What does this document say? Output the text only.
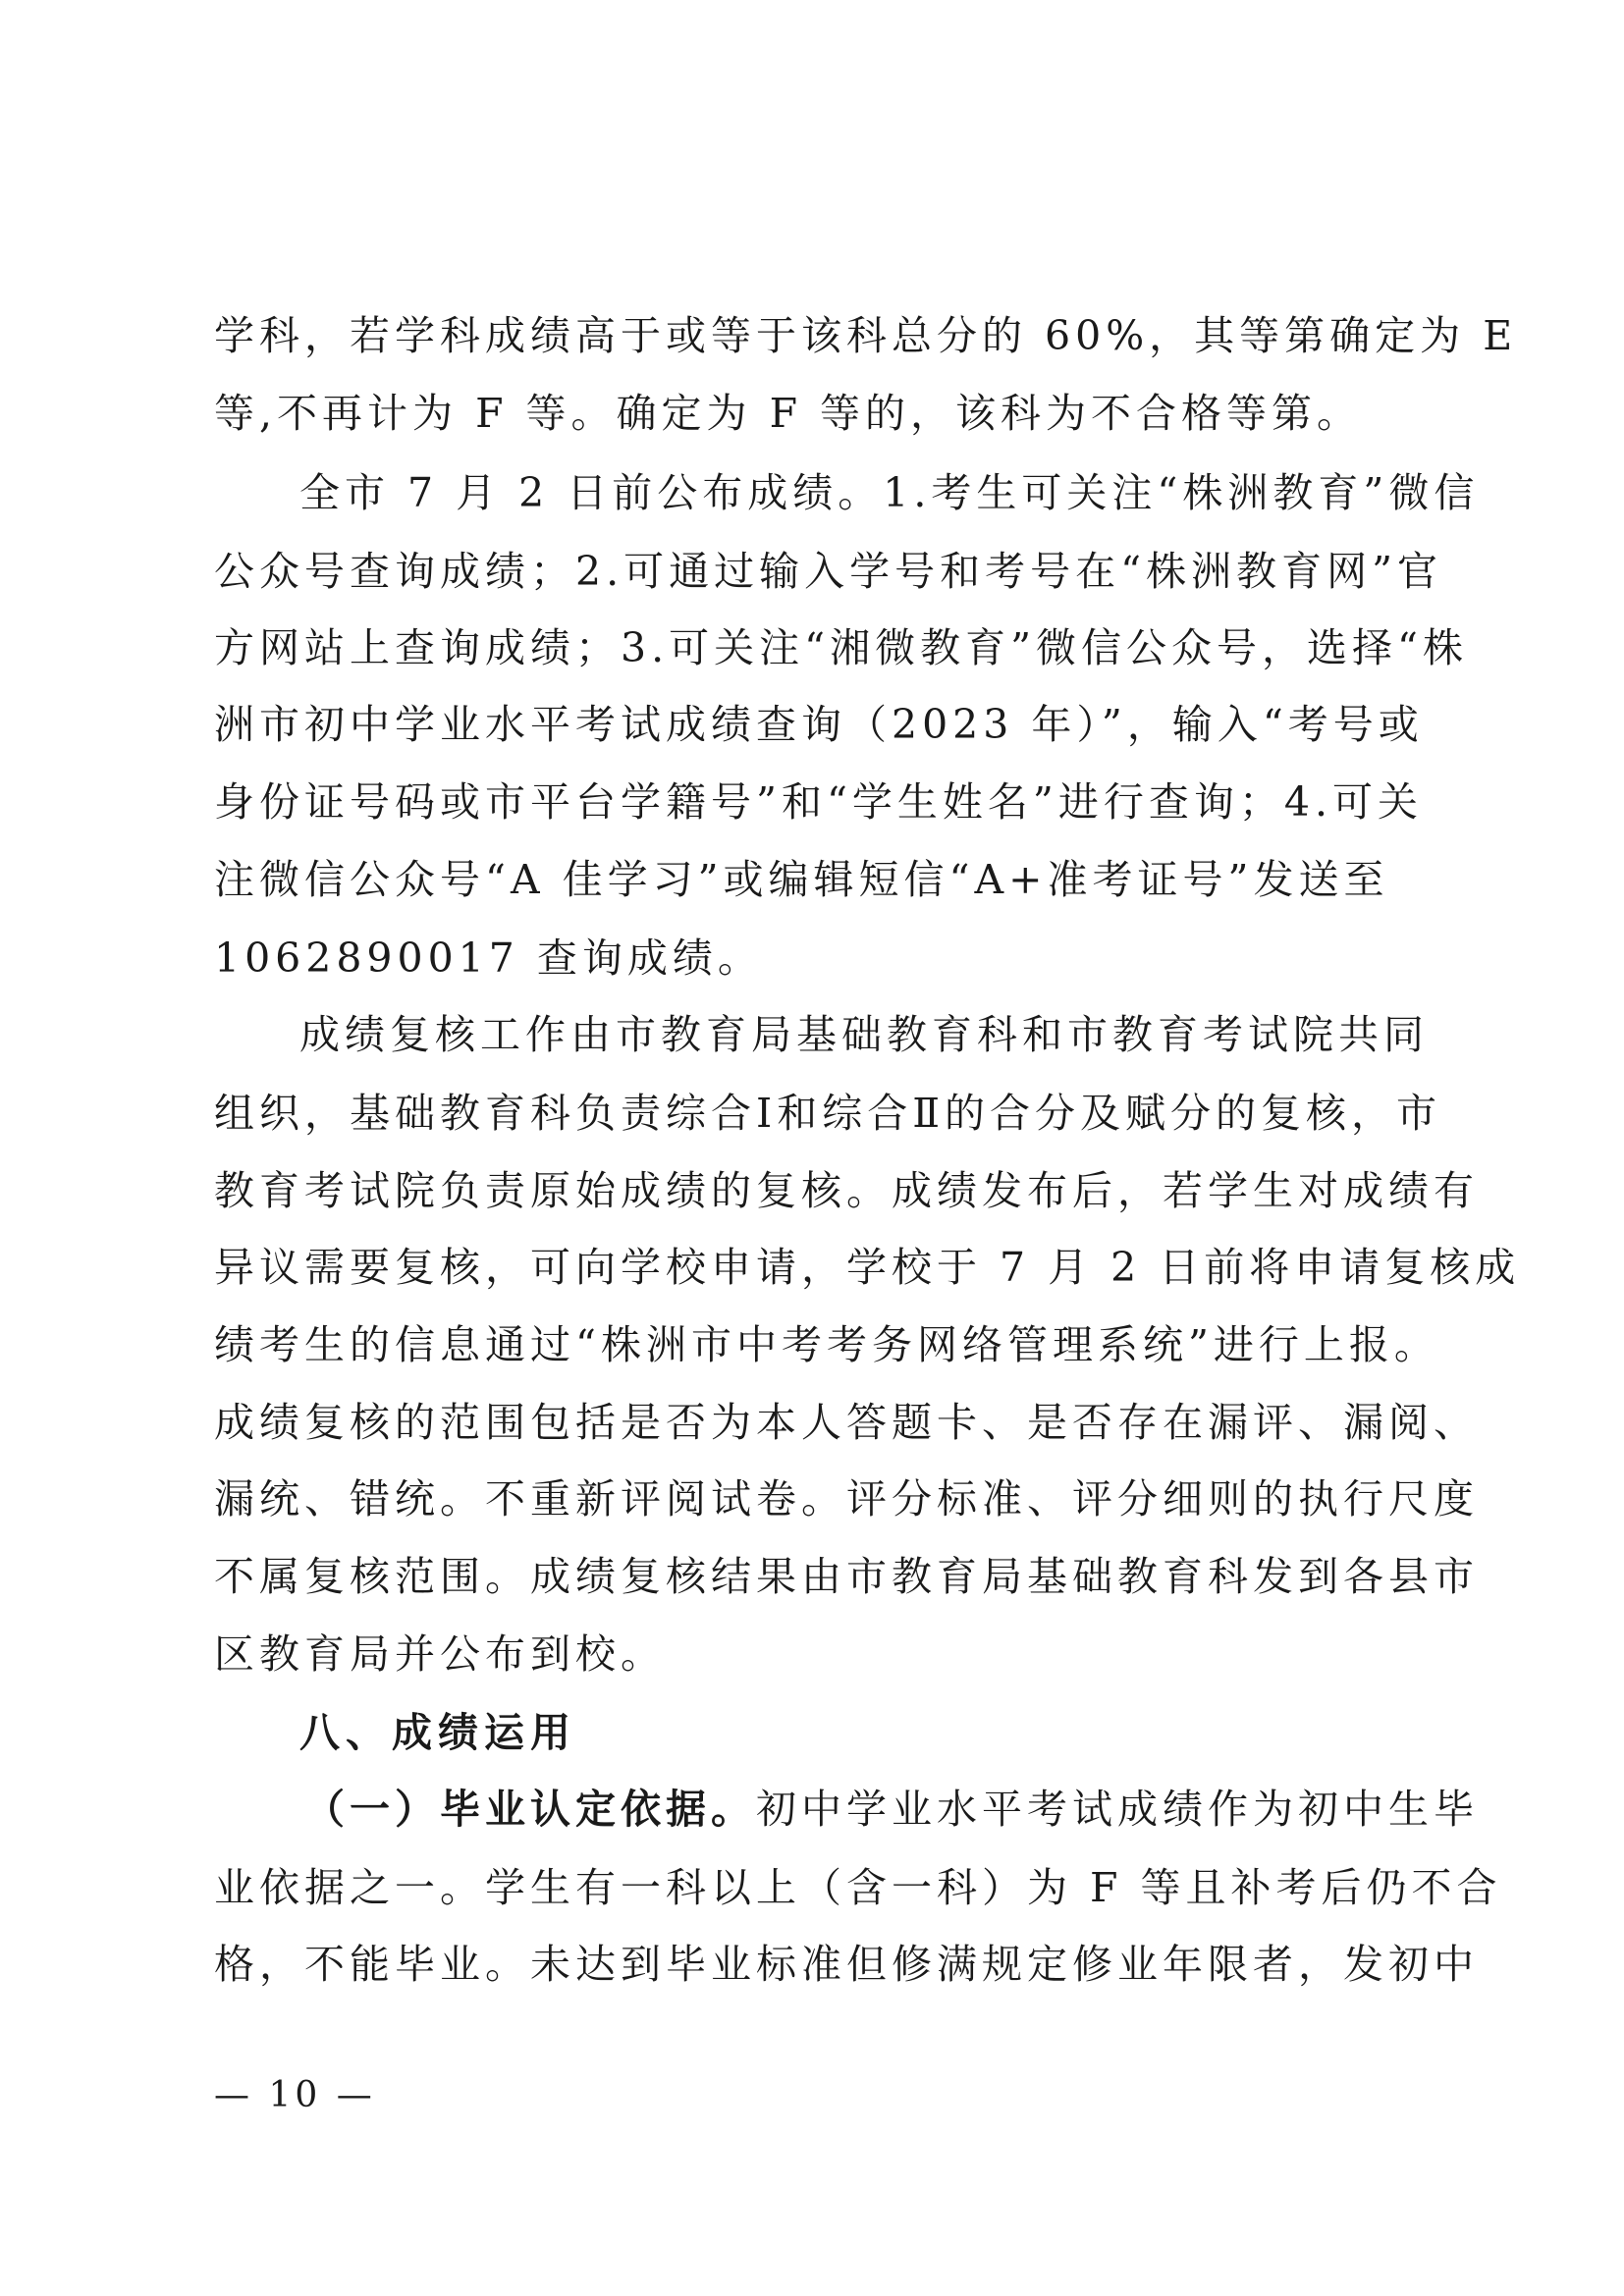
学科，若学科成绩高于或等于该科总分的 60%，其等第确定为 E
等,不再计为 F 等。确定为 F 等的，该科为不合格等第。
全市 7 月 2 日前公布成绩。1.考生可关注“株洲教育”微信
公众号查询成绩；2.可通过输入学号和考号在“株洲教育网”官
方网站上查询成绩；3.可关注“湘微教育”微信公众号，选择“株
洲市初中学业水平考试成绩查询（2023 年）”，输入“考号或
身份证号码或市平台学籍号”和“学生姓名”进行查询；4.可关
注微信公众号“A 佳学习”或编辑短信“A+准考证号”发送至
1062890017 查询成绩。
成绩复核工作由市教育局基础教育科和市教育考试院共同
组织，基础教育科负责综合Ⅰ和综合Ⅱ的合分及赋分的复核，市
教育考试院负责原始成绩的复核。成绩发布后，若学生对成绩有
异议需要复核，可向学校申请，学校于 7 月 2 日前将申请复核成
绩考生的信息通过“株洲市中考考务网络管理系统”进行上报。
成绩复核的范围包括是否为本人答题卡、是否存在漏评、漏阅、
漏统、错统。不重新评阅试卷。评分标准、评分细则的执行尺度
不属复核范围。成绩复核结果由市教育局基础教育科发到各县市
区教育局并公布到校。
八、成绩运用
（一）毕业认定依据。初中学业水平考试成绩作为初中生毕
业依据之一。学生有一科以上（含一科）为 F 等且补考后仍不合
格，不能毕业。未达到毕业标准但修满规定修业年限者，发初中
— 10 —
